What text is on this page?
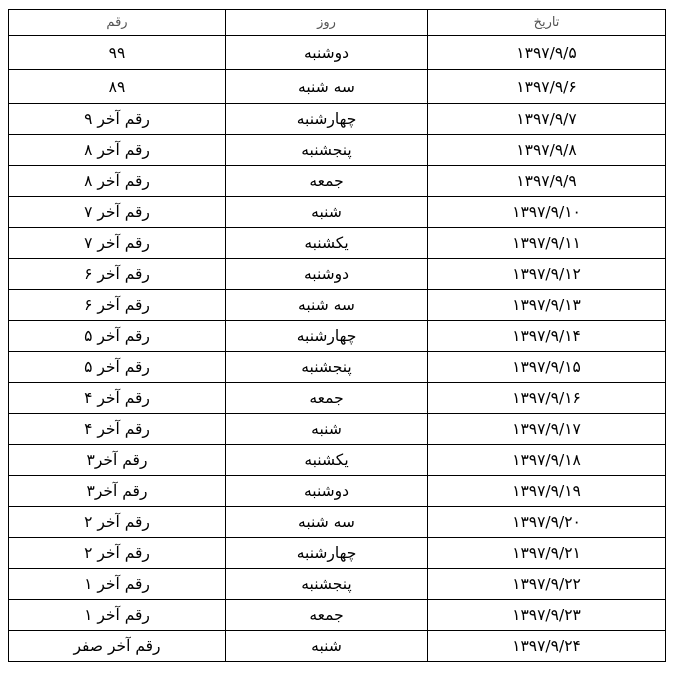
تاریخ	روز	رقم
۱۳۹۷/۹/۵	دوشنبه	۹۹
۱۳۹۷/۹/۶	سه شنبه	۸۹
۱۳۹۷/۹/۷	چهارشنبه	رقم آخر ۹
۱۳۹۷/۹/۸	پنجشنبه	رقم آخر ۸
۱۳۹۷/۹/۹	جمعه	رقم آخر ۸
۱۳۹۷/۹/۱۰	شنبه	رقم آخر ۷
۱۳۹۷/۹/۱۱	یکشنبه	رقم آخر ۷
۱۳۹۷/۹/۱۲	دوشنبه	رقم آخر ۶
۱۳۹۷/۹/۱۳	سه شنبه	رقم آخر ۶
۱۳۹۷/۹/۱۴	چهارشنبه	رقم آخر ۵
۱۳۹۷/۹/۱۵	پنجشنبه	رقم آخر ۵
۱۳۹۷/۹/۱۶	جمعه	رقم آخر ۴
۱۳۹۷/۹/۱۷	شنبه	رقم آخر ۴
۱۳۹۷/۹/۱۸	یکشنبه	رقم آخر۳
۱۳۹۷/۹/۱۹	دوشنبه	رقم آخر۳
۱۳۹۷/۹/۲۰	سه شنبه	رقم آخر ۲
۱۳۹۷/۹/۲۱	چهارشنبه	رقم آخر ۲
۱۳۹۷/۹/۲۲	پنجشنبه	رقم آخر ۱
۱۳۹۷/۹/۲۳	جمعه	رقم آخر ۱
۱۳۹۷/۹/۲۴	شنبه	رقم آخر صفر
